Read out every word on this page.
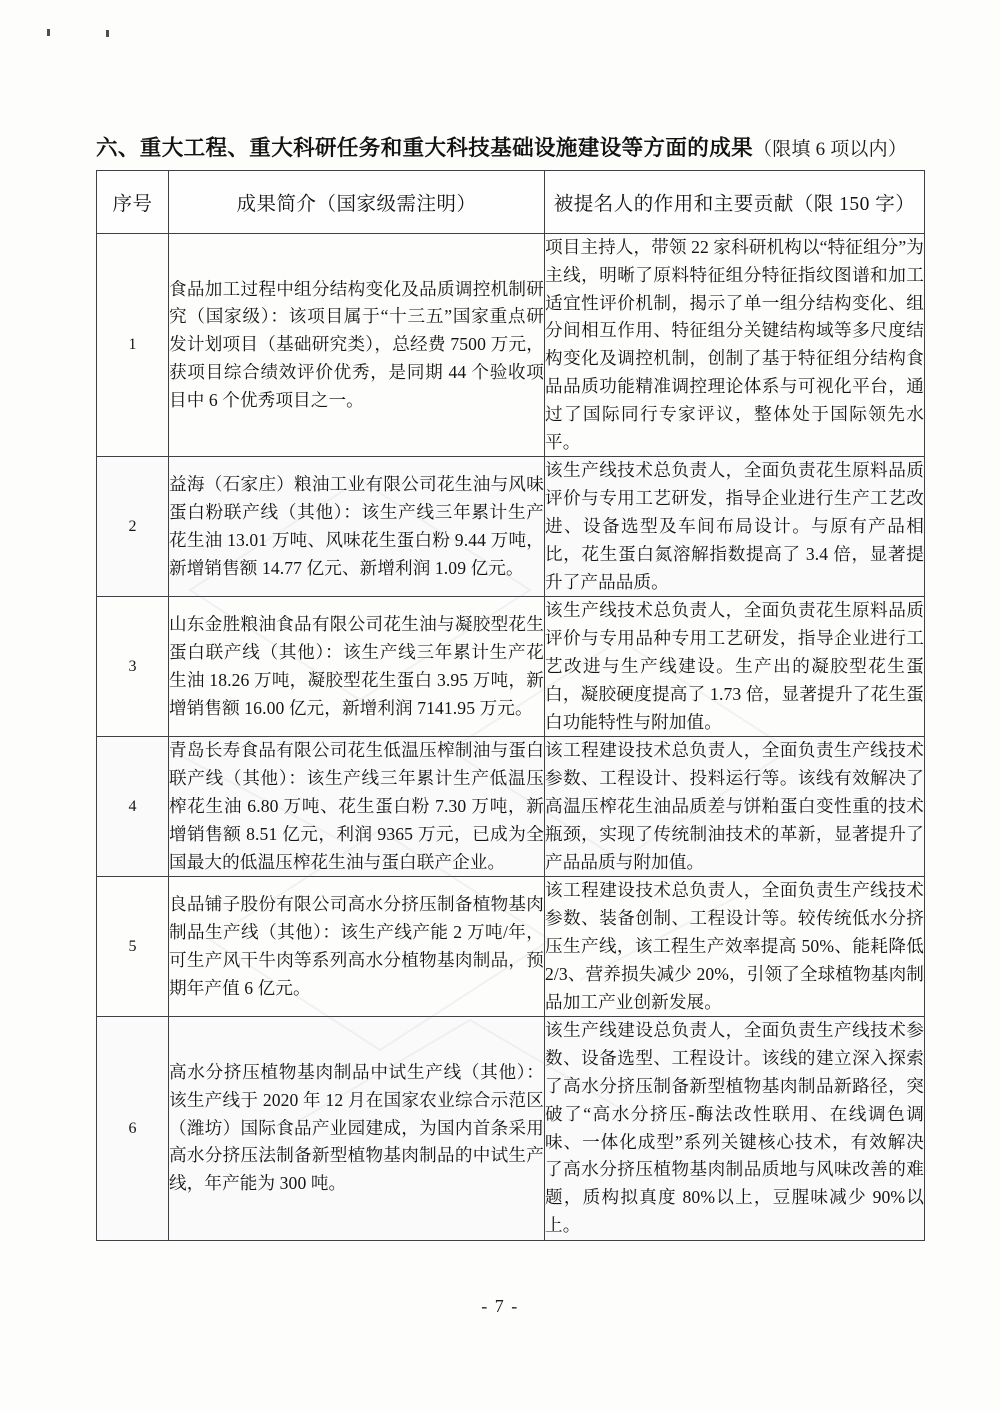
六、重大工程、重大科研任务和重大科技基础设施建设等方面的成果（限填 6 项以内）
序号	成果简介（国家级需注明）	被提名人的作用和主要贡献（限 150 字）
1	食品加工过程中组分结构变化及品质调控机制研究（国家级）：该项目属于“十三五”国家重点研发计划项目（基础研究类），总经费 7500 万元，获项目综合绩效评价优秀，是同期 44 个验收项目中 6 个优秀项目之一。	项目主持人，带领 22 家科研机构以“特征组分”为主线，明晰了原料特征组分特征指纹图谱和加工适宜性评价机制，揭示了单一组分结构变化、组分间相互作用、特征组分关键结构域等多尺度结构变化及调控机制，创制了基于特征组分结构食品品质功能精准调控理论体系与可视化平台，通过了国际同行专家评议，整体处于国际领先水平。
2	益海（石家庄）粮油工业有限公司花生油与风味蛋白粉联产线（其他）：该生产线三年累计生产花生油 13.01 万吨、风味花生蛋白粉 9.44 万吨，新增销售额 14.77 亿元、新增利润 1.09 亿元。	该生产线技术总负责人，全面负责花生原料品质评价与专用工艺研发，指导企业进行生产工艺改进、设备选型及车间布局设计。与原有产品相比，花生蛋白氮溶解指数提高了 3.4 倍，显著提升了产品品质。
3	山东金胜粮油食品有限公司花生油与凝胶型花生蛋白联产线（其他）：该生产线三年累计生产花生油 18.26 万吨，凝胶型花生蛋白 3.95 万吨，新增销售额 16.00 亿元，新增利润 7141.95 万元。	该生产线技术总负责人，全面负责花生原料品质评价与专用品种专用工艺研发，指导企业进行工艺改进与生产线建设。生产出的凝胶型花生蛋白，凝胶硬度提高了 1.73 倍，显著提升了花生蛋白功能特性与附加值。
4	青岛长寿食品有限公司花生低温压榨制油与蛋白联产线（其他）：该生产线三年累计生产低温压榨花生油 6.80 万吨、花生蛋白粉 7.30 万吨，新增销售额 8.51 亿元，利润 9365 万元，已成为全国最大的低温压榨花生油与蛋白联产企业。	该工程建设技术总负责人，全面负责生产线技术参数、工程设计、投料运行等。该线有效解决了高温压榨花生油品质差与饼粕蛋白变性重的技术瓶颈，实现了传统制油技术的革新，显著提升了产品品质与附加值。
5	良品铺子股份有限公司高水分挤压制备植物基肉制品生产线（其他）：该生产线产能 2 万吨/年，可生产风干牛肉等系列高水分植物基肉制品，预期年产值 6 亿元。	该工程建设技术总负责人，全面负责生产线技术参数、装备创制、工程设计等。较传统低水分挤压生产线，该工程生产效率提高 50%、能耗降低 2/3、营养损失减少 20%，引领了全球植物基肉制品加工产业创新发展。
6	高水分挤压植物基肉制品中试生产线（其他）：该生产线于 2020 年 12 月在国家农业综合示范区（潍坊）国际食品产业园建成，为国内首条采用高水分挤压法制备新型植物基肉制品的中试生产线，年产能为 300 吨。	该生产线建设总负责人，全面负责生产线技术参数、设备选型、工程设计。该线的建立深入探索了高水分挤压制备新型植物基肉制品新路径，突破了“高水分挤压-酶法改性联用、在线调色调味、一体化成型”系列关键核心技术，有效解决了高水分挤压植物基肉制品质地与风味改善的难题，质构拟真度 80%以上，豆腥味减少 90%以上。
- 7 -
